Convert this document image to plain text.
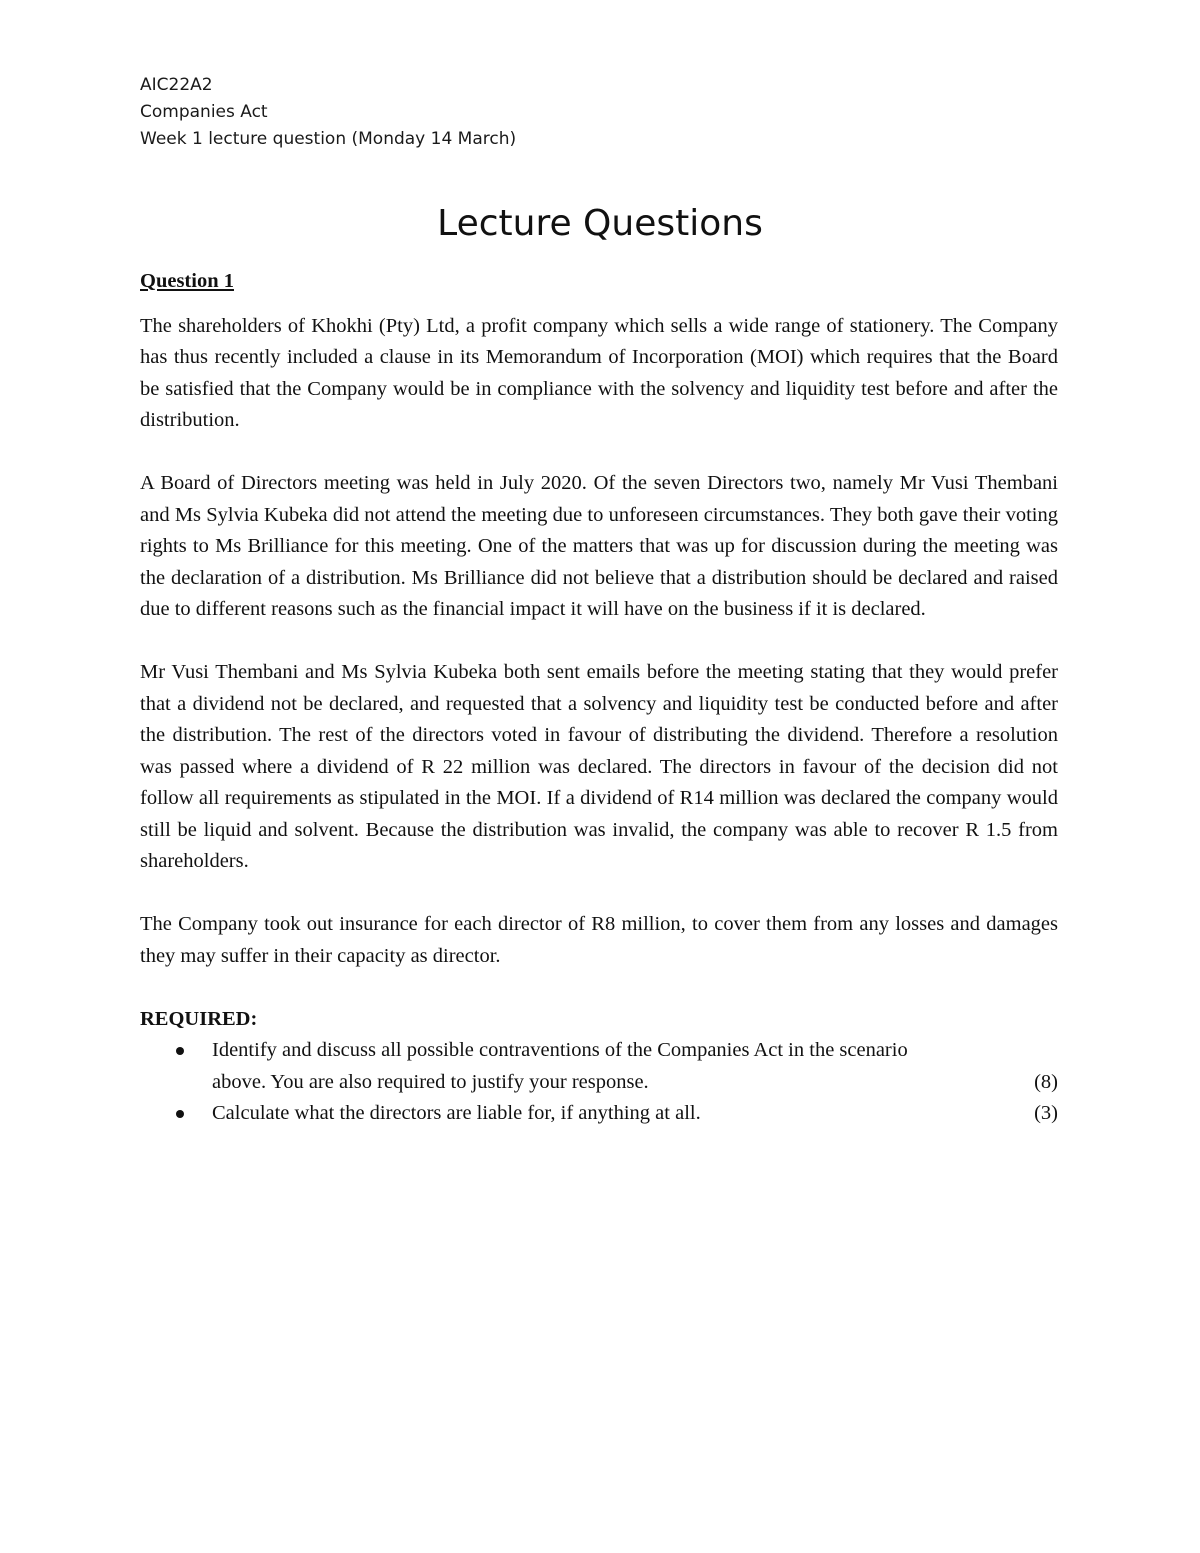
AIC22A2
Companies Act
Week 1 lecture question (Monday 14 March)
Lecture Questions
Question 1

The shareholders of Khokhi (Pty) Ltd, a profit company which sells a wide range of stationery. The Company has thus recently included a clause in its Memorandum of Incorporation (MOI) which requires that the Board be satisfied that the Company would be in compliance with the solvency and liquidity test before and after the distribution.

A Board of Directors meeting was held in July 2020. Of the seven Directors two, namely Mr Vusi Thembani and Ms Sylvia Kubeka did not attend the meeting due to unforeseen circumstances. They both gave their voting rights to Ms Brilliance for this meeting. One of the matters that was up for discussion during the meeting was the declaration of a distribution. Ms Brilliance did not believe that a distribution should be declared and raised due to different reasons such as the financial impact it will have on the business if it is declared.

Mr Vusi Thembani and Ms Sylvia Kubeka both sent emails before the meeting stating that they would prefer that a dividend not be declared, and requested that a solvency and liquidity test be conducted before and after the distribution. The rest of the directors voted in favour of distributing the dividend. Therefore a resolution was passed where a dividend of R 22 million was declared. The directors in favour of the decision did not follow all requirements as stipulated in the MOI. If a dividend of R14 million was declared the company would still be liquid and solvent. Because the distribution was invalid, the company was able to recover R 1.5 from shareholders.

The Company took out insurance for each director of R8 million, to cover them from any losses and damages they may suffer in their capacity as director.

REQUIRED:
Identify and discuss all possible contraventions of the Companies Act in the scenario
above. You are also required to justify your response.	(8)
Calculate what the directors are liable for, if anything at all.	(3)
